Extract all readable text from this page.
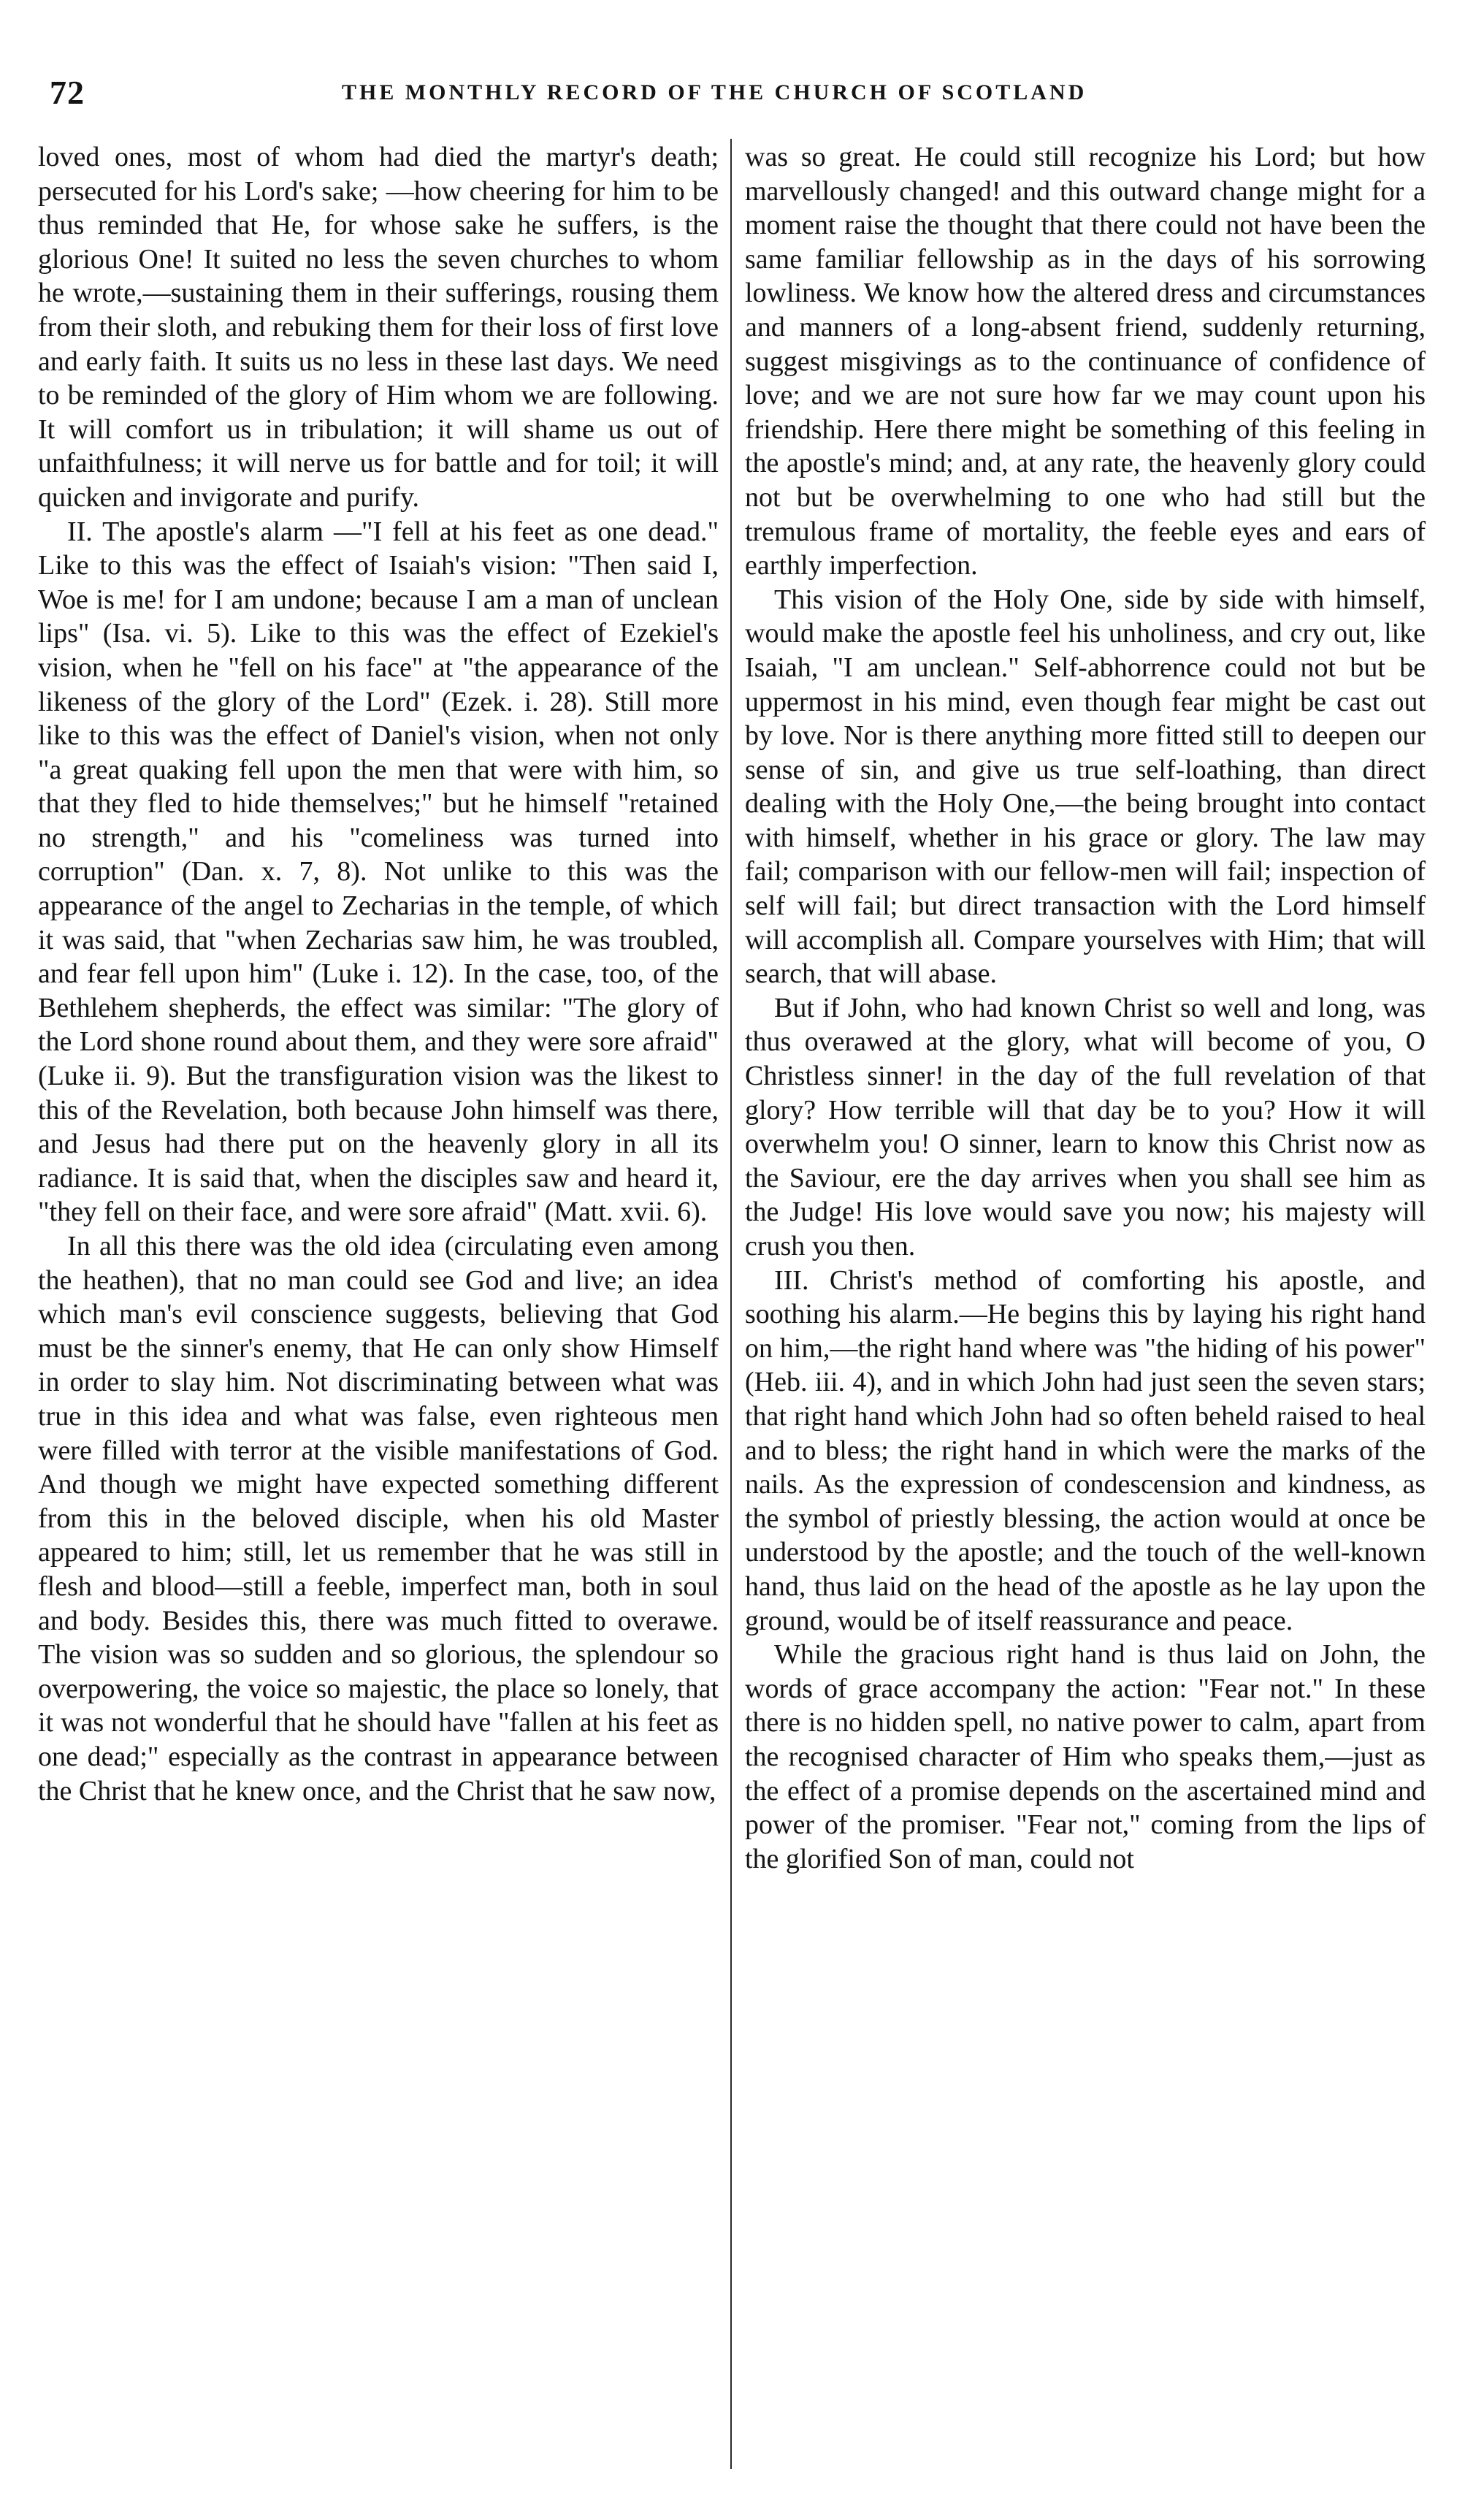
72	THE MONTHLY RECORD OF THE CHURCH OF SCOTLAND

loved ones, most of whom had died the martyr's death; persecuted for his Lord's sake; —how cheering for him to be thus reminded that He, for whose sake he suffers, is the glorious One! It suited no less the seven churches to whom he wrote,—sustaining them in their sufferings, rousing them from their sloth, and rebuking them for their loss of first love and early faith. It suits us no less in these last days. We need to be reminded of the glory of Him whom we are following. It will comfort us in tribulation; it will shame us out of unfaithfulness; it will nerve us for battle and for toil; it will quicken and invigorate and purify.

II. The apostle's alarm —"I fell at his feet as one dead." Like to this was the effect of Isaiah's vision: "Then said I, Woe is me! for I am undone; because I am a man of unclean lips" (Isa. vi. 5). Like to this was the effect of Ezekiel's vision, when he "fell on his face" at "the appearance of the likeness of the glory of the Lord" (Ezek. i. 28). Still more like to this was the effect of Daniel's vision, when not only "a great quaking fell upon the men that were with him, so that they fled to hide themselves;" but he himself "retained no strength," and his "comeliness was turned into corruption" (Dan. x. 7, 8). Not unlike to this was the appearance of the angel to Zecharias in the temple, of which it was said, that "when Zecharias saw him, he was troubled, and fear fell upon him" (Luke i. 12). In the case, too, of the Bethlehem shepherds, the effect was similar: "The glory of the Lord shone round about them, and they were sore afraid" (Luke ii. 9). But the transfiguration vision was the likest to this of the Revelation, both because John himself was there, and Jesus had there put on the heavenly glory in all its radiance. It is said that, when the disciples saw and heard it, "they fell on their face, and were sore afraid" (Matt. xvii. 6).

In all this there was the old idea (circulating even among the heathen), that no man could see God and live; an idea which man's evil conscience suggests, believing that God must be the sinner's enemy, that He can only show Himself in order to slay him. Not discriminating between what was true in this idea and what was false, even righteous men were filled with terror at the visible manifestations of God. And though we might have expected something different from this in the beloved disciple, when his old Master appeared to him; still, let us remember that he was still in flesh and blood—still a feeble, imperfect man, both in soul and body. Besides this, there was much fitted to overawe. The vision was so sudden and so glorious, the splendour so overpowering, the voice so majestic, the place so lonely, that it was not wonderful that he should have "fallen at his feet as one dead;" especially as the contrast in appearance between the Christ that he knew once, and the Christ that he saw now,

was so great. He could still recognize his Lord; but how marvellously changed! and this outward change might for a moment raise the thought that there could not have been the same familiar fellowship as in the days of his sorrowing lowliness. We know how the altered dress and circumstances and manners of a long-absent friend, suddenly returning, suggest misgivings as to the continuance of confidence of love; and we are not sure how far we may count upon his friendship. Here there might be something of this feeling in the apostle's mind; and, at any rate, the heavenly glory could not but be overwhelming to one who had still but the tremulous frame of mortality, the feeble eyes and ears of earthly imperfection.

This vision of the Holy One, side by side with himself, would make the apostle feel his unholiness, and cry out, like Isaiah, "I am unclean." Self-abhorrence could not but be uppermost in his mind, even though fear might be cast out by love. Nor is there anything more fitted still to deepen our sense of sin, and give us true self-loathing, than direct dealing with the Holy One,—the being brought into contact with himself, whether in his grace or glory. The law may fail; comparison with our fellow-men will fail; inspection of self will fail; but direct transaction with the Lord himself will accomplish all. Compare yourselves with Him; that will search, that will abase.

But if John, who had known Christ so well and long, was thus overawed at the glory, what will become of you, O Christless sinner! in the day of the full revelation of that glory? How terrible will that day be to you? How it will overwhelm you! O sinner, learn to know this Christ now as the Saviour, ere the day arrives when you shall see him as the Judge! His love would save you now; his majesty will crush you then.

III. Christ's method of comforting his apostle, and soothing his alarm.—He begins this by laying his right hand on him,—the right hand where was "the hiding of his power" (Heb. iii. 4), and in which John had just seen the seven stars; that right hand which John had so often beheld raised to heal and to bless; the right hand in which were the marks of the nails. As the expression of condescension and kindness, as the symbol of priestly blessing, the action would at once be understood by the apostle; and the touch of the well-known hand, thus laid on the head of the apostle as he lay upon the ground, would be of itself reassurance and peace.

While the gracious right hand is thus laid on John, the words of grace accompany the action: "Fear not." In these there is no hidden spell, no native power to calm, apart from the recognised character of Him who speaks them,—just as the effect of a promise depends on the ascertained mind and power of the promiser. "Fear not," coming from the lips of the glorified Son of man, could not
